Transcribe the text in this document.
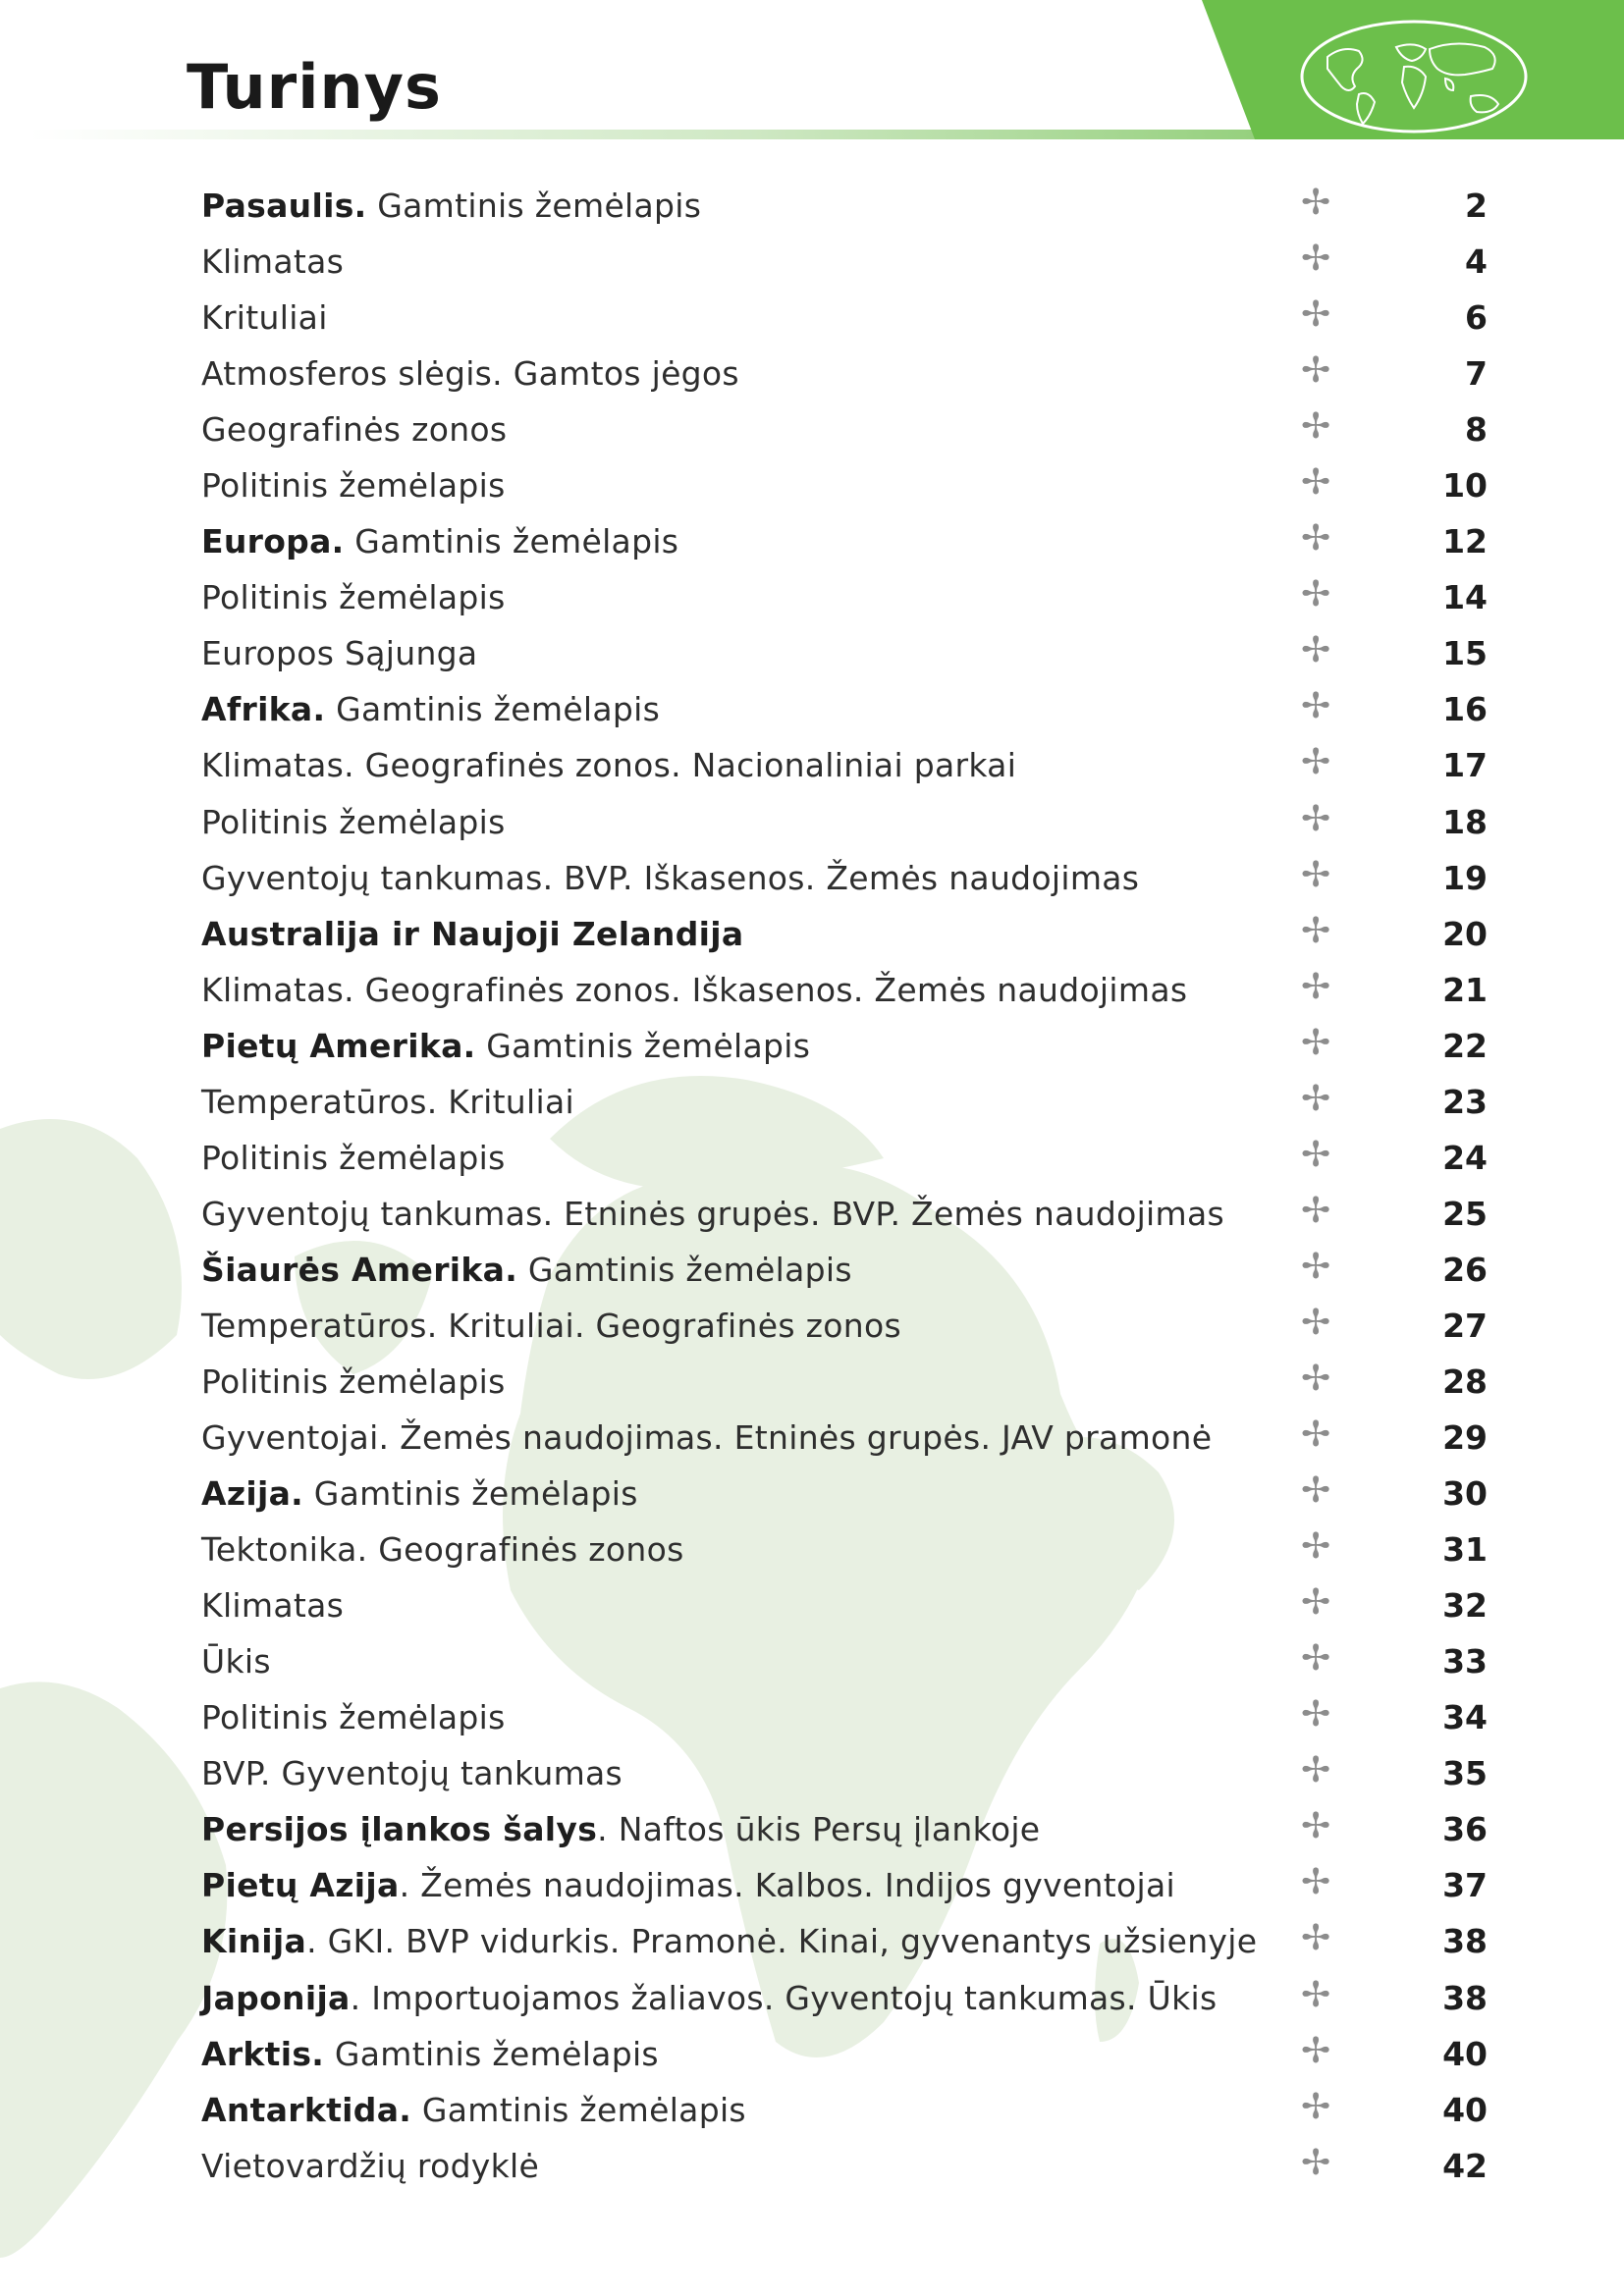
Turinys
Pasaulis. Gamtinis žemėlapis	✢	2
Klimatas	✢	4
Krituliai	✢	6
Atmosferos slėgis. Gamtos jėgos	✢	7
Geografinės zonos	✢	8
Politinis žemėlapis	✢	10
Europa. Gamtinis žemėlapis	✢	12
Politinis žemėlapis	✢	14
Europos Sąjunga	✢	15
Afrika. Gamtinis žemėlapis	✢	16
Klimatas. Geografinės zonos. Nacionaliniai parkai	✢	17
Politinis žemėlapis	✢	18
Gyventojų tankumas. BVP. Iškasenos. Žemės naudojimas	✢	19
Australija ir Naujoji Zelandija	✢	20
Klimatas. Geografinės zonos. Iškasenos. Žemės naudojimas	✢	21
Pietų Amerika. Gamtinis žemėlapis	✢	22
Temperatūros. Krituliai	✢	23
Politinis žemėlapis	✢	24
Gyventojų tankumas. Etninės grupės. BVP. Žemės naudojimas ✢	25
Šiaurės Amerika. Gamtinis žemėlapis	✢	26
Temperatūros. Krituliai. Geografinės zonos	✢	27
Politinis žemėlapis	✢	28
Gyventojai. Žemės naudojimas. Etninės grupės. JAV pramonė	✢	29
Azija. Gamtinis žemėlapis	✢	30
Tektonika. Geografinės zonos	✢	31
Klimatas	✢	32
Ūkis	✢	33
Politinis žemėlapis	✢	34
BVP. Gyventojų tankumas	✢	35
Persijos įlankos šalys. Naftos ūkis Persų įlankoje	✢	36
Pietų Azija. Žemės naudojimas. Kalbos. Indijos gyventojai	✢	37
Kinija. GKI. BVP vidurkis. Pramonė. Kinai, gyvenantys užsienyje ✢	38
Japonija. Importuojamos žaliavos. Gyventojų tankumas. Ūkis ✢	38
Arktis. Gamtinis žemėlapis	✢	40
Antarktida. Gamtinis žemėlapis	✢	40
Vietovardžių rodyklė	✢	42
